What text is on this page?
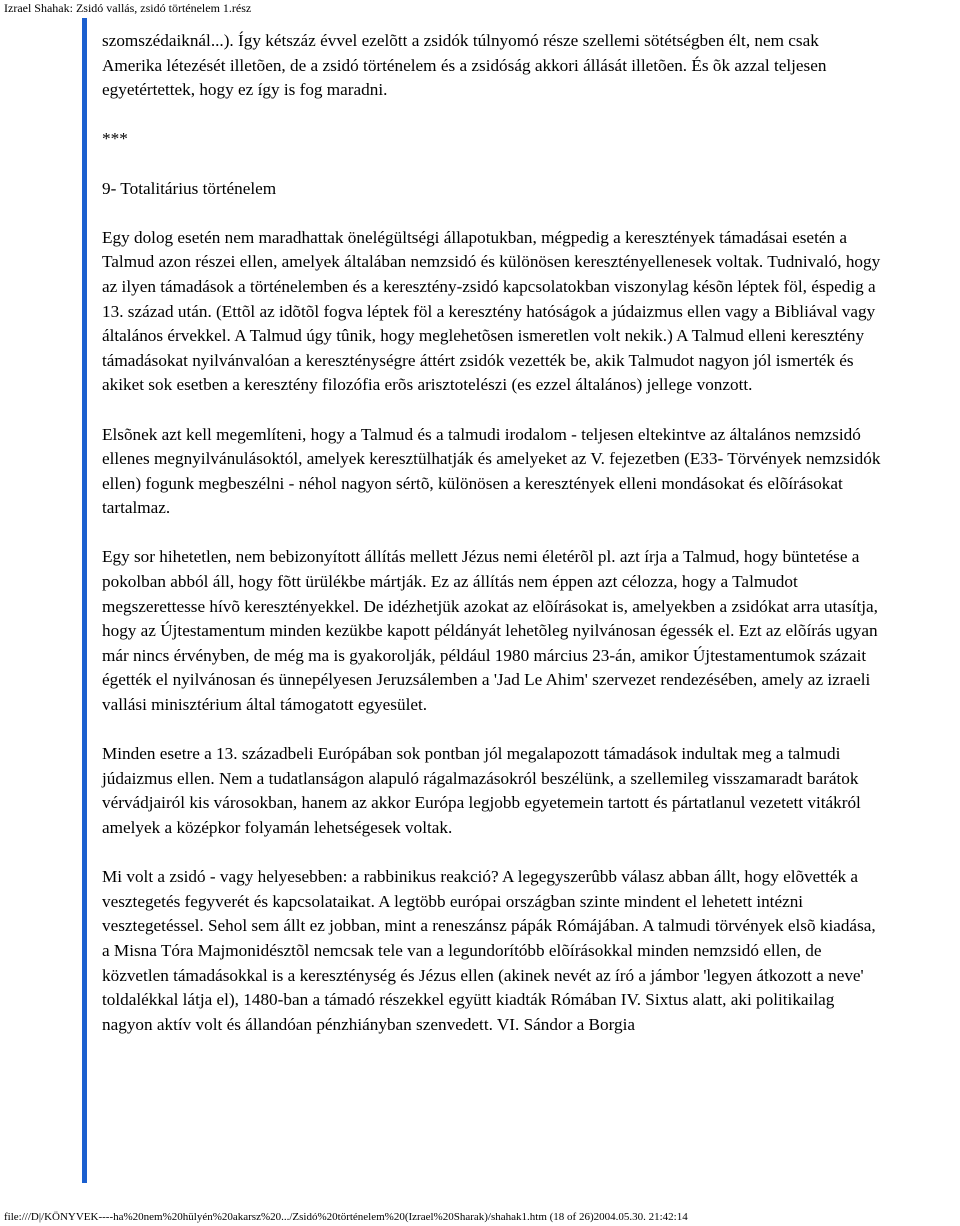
Izrael Shahak: Zsidó vallás, zsidó történelem 1.rész

szomszédaiknál...). Így kétszáz évvel ezelõtt a zsidók túlnyomó része szellemi sötétségben élt, nem csak Amerika létezését illetõen, de a zsidó történelem és a zsidóság akkori állását illetõen. És õk azzal teljesen egyetértettek, hogy ez így is fog maradni.

***

9- Totalitárius történelem

Egy dolog esetén nem maradhattak önelégültségi állapotukban, mégpedig a keresztények támadásai esetén a Talmud azon részei ellen, amelyek általában nemzsidó és különösen keresztényellenesek voltak. Tudnivaló, hogy az ilyen támadások a történelemben és a keresztény-zsidó kapcsolatokban viszonylag késõn léptek föl, éspedig a 13. század után. (Ettõl az idõtõl fogva léptek föl a keresztény hatóságok a júdaizmus ellen vagy a Bibliával vagy általános érvekkel. A Talmud úgy tûnik, hogy meglehetõsen ismeretlen volt nekik.) A Talmud elleni keresztény támadásokat nyilvánvalóan a kereszténységre áttért zsidók vezették be, akik Talmudot nagyon jól ismerték és akiket sok esetben a keresztény filozófia erõs arisztotelészi (es ezzel általános) jellege vonzott.

Elsõnek azt kell megemlíteni, hogy a Talmud és a talmudi irodalom - teljesen eltekintve az általános nemzsidó ellenes megnyilvánulásoktól, amelyek keresztülhatják és amelyeket az V. fejezetben (E33- Törvények nemzsidók ellen) fogunk megbeszélni - néhol nagyon sértõ, különösen a keresztények elleni mondásokat és elõírásokat tartalmaz.

Egy sor hihetetlen, nem bebizonyított állítás mellett Jézus nemi életérõl pl. azt írja a Talmud, hogy büntetése a pokolban abból áll, hogy fõtt ürülékbe mártják. Ez az állítás nem éppen azt célozza, hogy a Talmudot megszerettesse hívõ keresztényekkel. De idézhetjük azokat az elõírásokat is, amelyekben a zsidókat arra utasítja, hogy az Újtestamentum minden kezükbe kapott példányát lehetõleg nyilvánosan égessék el. Ezt az elõírás ugyan már nincs érvényben, de még ma is gyakorolják, például 1980 március 23-án, amikor Újtestamentumok százait égették el nyilvánosan és ünnepélyesen Jeruzsálemben a 'Jad Le Ahim' szervezet rendezésében, amely az izraeli vallási minisztérium által támogatott egyesület.

Minden esetre a 13. századbeli Európában sok pontban jól megalapozott támadások indultak meg a talmudi júdaizmus ellen. Nem a tudatlanságon alapuló rágalmazásokról beszélünk, a szellemileg visszamaradt barátok vérvádjairól kis városokban, hanem az akkor Európa legjobb egyetemein tartott és pártatlanul vezetett vitákról amelyek a középkor folyamán lehetségesek voltak.

Mi volt a zsidó - vagy helyesebben: a rabbinikus reakció? A legegyszerûbb válasz abban állt, hogy elõvették a vesztegetés fegyverét és kapcsolataikat. A legtöbb európai országban szinte mindent el lehetett intézni vesztegetéssel. Sehol sem állt ez jobban, mint a reneszánsz pápák Rómájában. A talmudi törvények elsõ kiadása, a Misna Tóra Majmonidésztõl nemcsak tele van a legundorítóbb elõírásokkal minden nemzsidó ellen, de közvetlen támadásokkal is a kereszténység és Jézus ellen (akinek nevét az író a jámbor 'legyen átkozott a neve' toldalékkal látja el), 1480-ban a támadó részekkel együtt kiadták Rómában IV. Sixtus alatt, aki politikailag nagyon aktív volt és állandóan pénzhiányban szenvedett. VI. Sándor a Borgia

file:///D|/KÖNYVEK----ha%20nem%20hülyén%20akarsz%20.../Zsidó%20történelem%20(Izrael%20Sharak)/shahak1.htm (18 of 26)2004.05.30. 21:42:14
